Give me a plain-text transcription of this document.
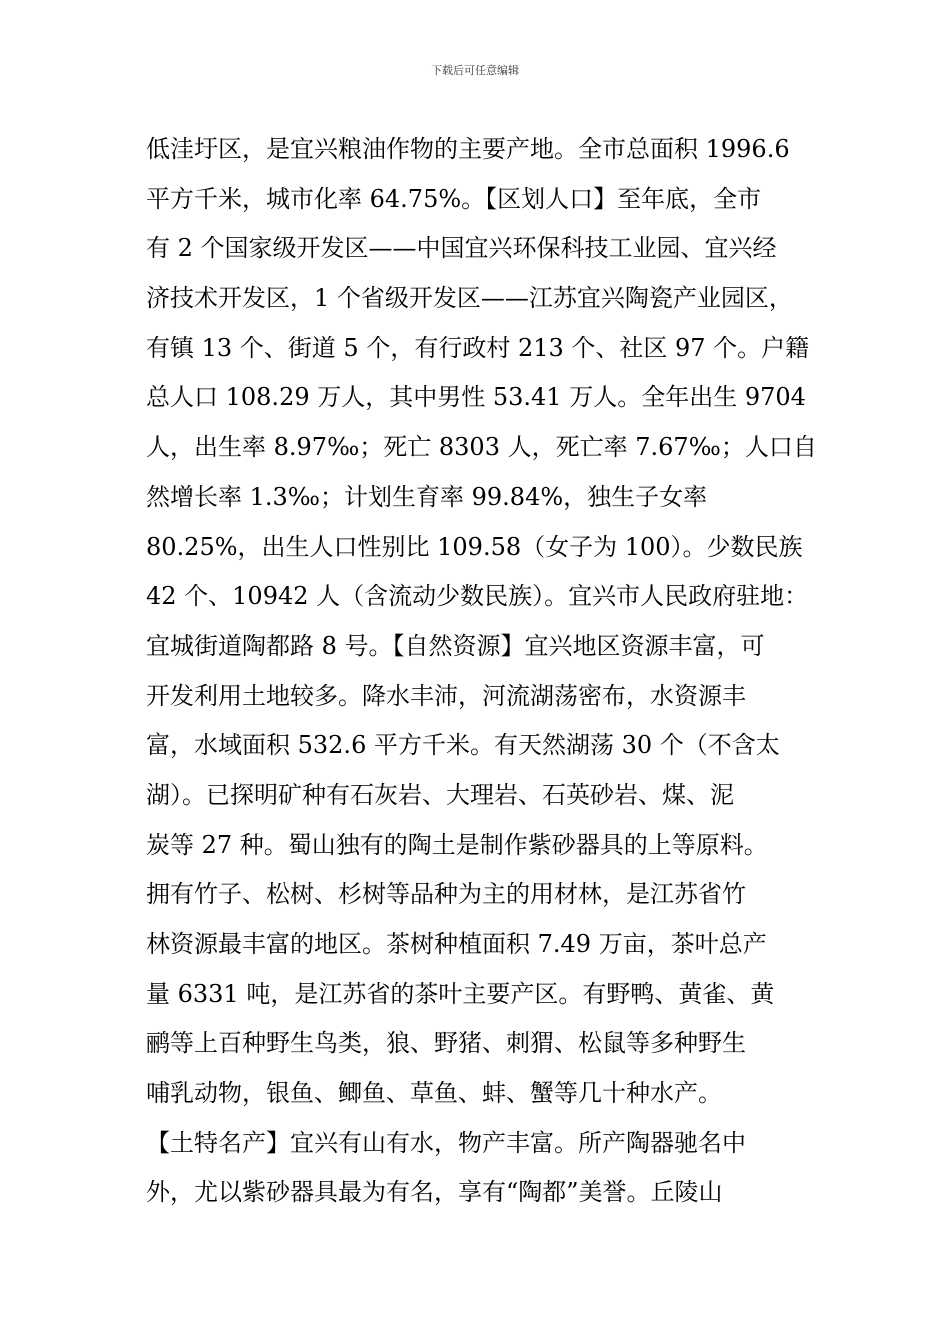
下载后可任意编辑
低洼圩区，是宜兴粮油作物的主要产地。全市总面积 1996.6
平方千米，城市化率 64.75%。【区划人口】至年底，全市
有 2 个国家级开发区——中国宜兴环保科技工业园、宜兴经
济技术开发区，1 个省级开发区——江苏宜兴陶瓷产业园区，
有镇 13 个、街道 5 个，有行政村 213 个、社区 97 个。户籍
总人口 108.29 万人，其中男性 53.41 万人。全年出生 9704
人，出生率 8.97‰；死亡 8303 人，死亡率 7.67‰；人口自
然增长率 1.3‰；计划生育率 99.84%，独生子女率
80.25%，出生人口性别比 109.58（女子为 100）。少数民族
42 个、10942 人（含流动少数民族）。宜兴市人民政府驻地：
宜城街道陶都路 8 号。【自然资源】宜兴地区资源丰富，可
开发利用土地较多。降水丰沛，河流湖荡密布，水资源丰
富，水域面积 532.6 平方千米。有天然湖荡 30 个（不含太
湖）。已探明矿种有石灰岩、大理岩、石英砂岩、煤、泥
炭等 27 种。蜀山独有的陶土是制作紫砂器具的上等原料。
拥有竹子、松树、杉树等品种为主的用材林，是江苏省竹
林资源最丰富的地区。茶树种植面积 7.49 万亩，茶叶总产
量 6331 吨，是江苏省的茶叶主要产区。有野鸭、黄雀、黄
鹂等上百种野生鸟类，狼、野猪、刺猬、松鼠等多种野生
哺乳动物，银鱼、鲫鱼、草鱼、蚌、蟹等几十种水产。
【土特名产】宜兴有山有水，物产丰富。所产陶器驰名中
外，尤以紫砂器具最为有名，享有“陶都”美誉。丘陵山
